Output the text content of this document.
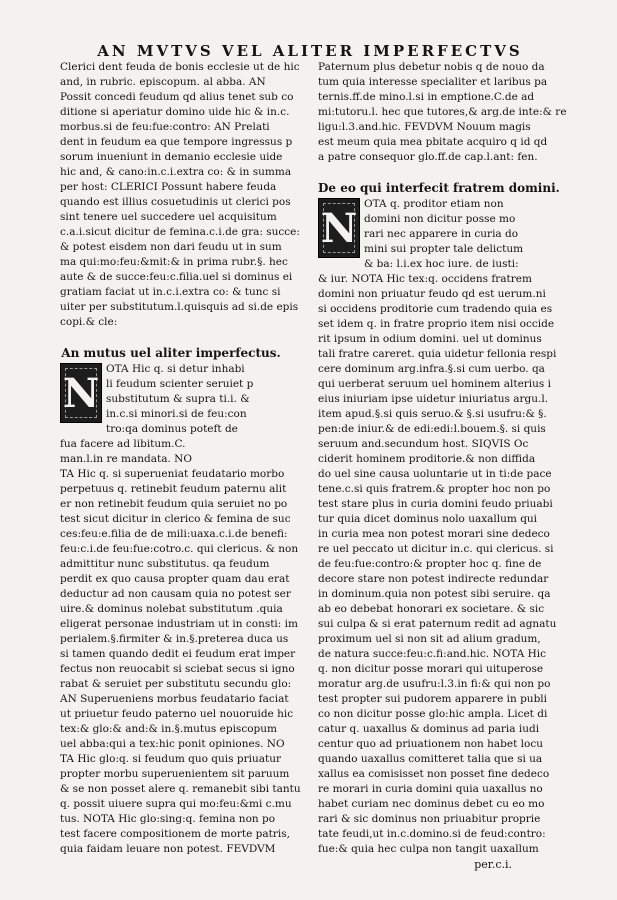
AN MVTVS VEL ALITER IMPERFECTVS
Clerici dent feuda de bonis ecclesie ut de hic
and, in rubric. episcopum. al abba. AN
Possit concedi feudum qd alius tenet sub co
ditione si aperiatur domino uide hic & in.c.
morbus.si de feu:fue:contro: AN Prelati
dent in feudum ea que tempore ingressus p
sorum inueniunt in demanio ecclesie uide
hic and, & cano:in.c.i.extra co: & in summa
per host: CLERICI Possunt habere feuda
quando est illius cosuetudinis ut clerici pos
sint tenere uel succedere uel acquisitum
c.a.i.sicut dicitur de femina.c.i.de gra: succe:
& potest eisdem non dari feudu ut in sum
ma qui:mo:feu:&mit:& in prima rubr.§. hec
aute & de succe:feu:c.filia.uel si dominus ei
gratiam faciat ut in.c.i.extra co: & tunc si
uiter per substitutum.l.quisquis ad si.de epis
copi.& cle:
An mutus uel aliter imperfectus.
N
OTA Hic q. si detur inhabi
li feudum scienter seruiet p
substitutum & supra ti.i. &
in.c.si minori.si de feu:con
tro:qa dominus poteft de
fua facere ad libitum.C.
man.l.in re mandata. NO
TA Hic q. si superueniat feudatario morbo
perpetuus q. retinebit feudum paternu alit
er non retinebit feudum quia seruiet no po
test sicut dicitur in clerico & femina de suc
ces:feu:e.filia de de mili:uaxa.c.i.de benefi:
feu:c.i.de feu:fue:cotro.c. qui clericus. & non
admittitur nunc substitutus. qa feudum
perdit ex quo causa propter quam dau erat
deductur ad non causam quia no potest ser
uire.& dominus nolebat substitutum .quia
eligerat personae industriam ut in consti: im
perialem.§.firmiter & in.§.preterea duca us
si tamen quando dedit ei feudum erat imper
fectus non reuocabit si sciebat secus si igno
rabat & seruiet per substitutu secundu glo:
AN Superueniens morbus feudatario faciat
ut priuetur feudo paterno uel nouoruide hic
tex:& glo:& and:& in.§.mutus episcopum
uel abba:qui a tex:hic ponit opiniones. NO
TA Hic glo:q. si feudum quo quis priuatur
propter morbu superuenientem sit paruum
& se non posset alere q. remanebit sibi tantu
q. possit uiuere supra qui mo:feu:&mi c.mu
tus. NOTA Hic glo:sing:q. femina non po
test facere compositionem de morte patris,
quia faidam leuare non potest. FEVDVM
Paternum plus debetur nobis q de nouo da
tum quia interesse specialiter et laribus pa
ternis.ff.de mino.l.si in emptione.C.de ad
mi:tutoru.l. hec que tutores,& arg.de inte:& re
ligu:l.3.and.hic. FEVDVM Nouum magis
est meum quia mea pbitate acquiro q id qd
a patre consequor glo.ff.de cap.l.ant: fen.
De eo qui interfecit fratrem domini.
N
OTA q. proditor etiam non
domini non dicitur posse mo
rari nec apparere in curia do
mini sui propter tale delictum
& ba: l.i.ex hoc iure. de iusti:
& iur. NOTA Hic tex:q. occidens fratrem
domini non priuatur feudo qd est uerum.ni
si occidens proditorie cum tradendo quia es
set idem q. in fratre proprio item nisi occide
rit ipsum in odium domini. uel ut dominus
tali fratre careret. quia uidetur fellonia respi
cere dominum arg.infra.§.si cum uerbo. qa
qui uerberat seruum uel hominem alterius i
eius iniuriam ipse uidetur iniuriatus argu.l.
item apud.§.si quis seruo.& §.si usufru:& §.
pen:de iniur.& de edi:edi:l.bouem.§. si quis
seruum and.secundum host. SIQVIS Oc
ciderit hominem proditorie.& non diffida
do uel sine causa uoluntarie ut in ti:de pace
tene.c.si quis fratrem.& propter hoc non po
test stare plus in curia domini feudo priuabi
tur quia dicet dominus nolo uaxallum qui
in curia mea non potest morari sine dedeco
re uel peccato ut dicitur in.c. qui clericus. si
de feu:fue:contro:& propter hoc q. fine de
decore stare non potest indirecte redundar
in dominum.quia non potest sibi seruire. qa
ab eo debebat honorari ex societare. & sic
sui culpa & si erat paternum redit ad agnatu
proximum uel si non sit ad alium gradum,
de natura succe:feu:c.fi:and.hic. NOTA Hic
q. non dicitur posse morari qui uituperose
moratur arg.de usufru:l.3.in fi:& qui non po
test propter sui pudorem apparere in publi
co non dicitur posse glo:hic ampla. Licet di
catur q. uaxallus & dominus ad paria iudi
centur quo ad priuationem non habet locu
quando uaxallus comitteret talia que si ua
xallus ea comisisset non posset fine dedeco
re morari in curia domini quia uaxallus no
habet curiam nec dominus debet cu eo mo
rari & sic dominus non priuabitur proprie
tate feudi,ut in.c.domino.si de feud:contro:
fue:& quia hec culpa non tangit uaxallum
per.c.i.
